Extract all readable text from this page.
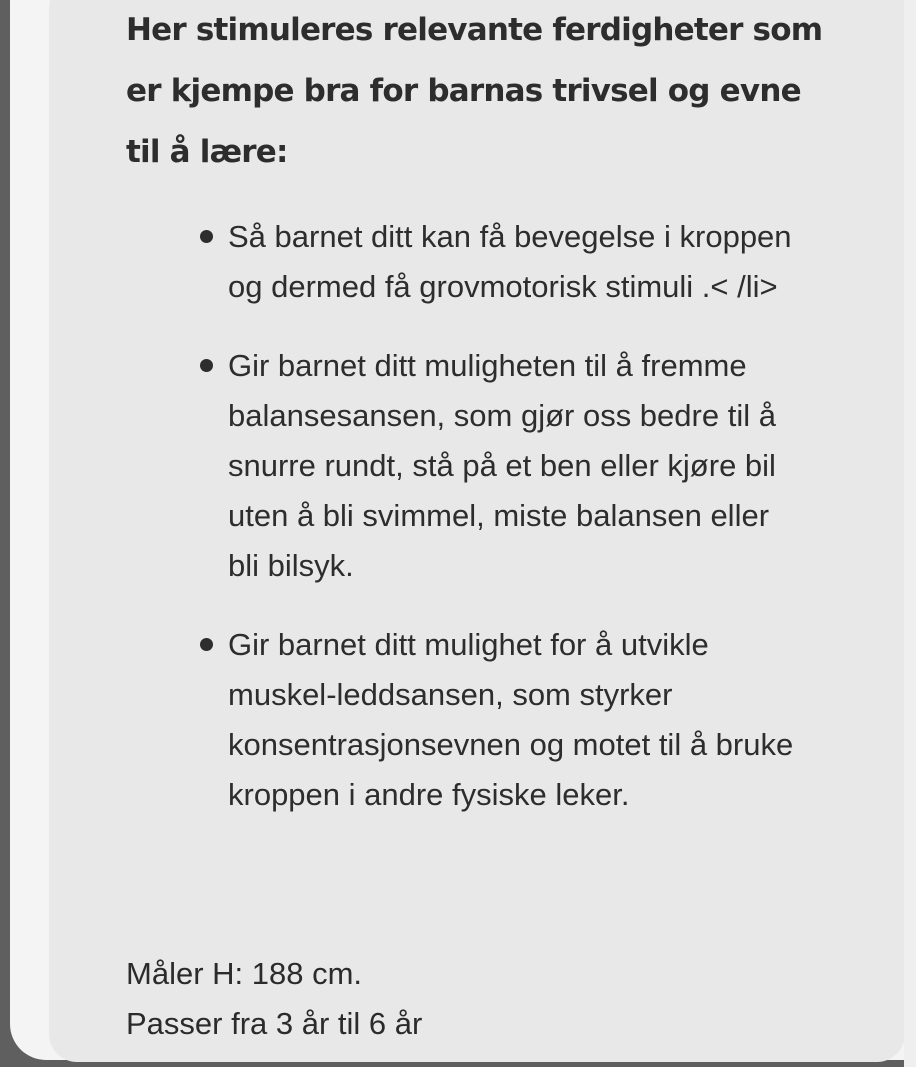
Her stimuleres relevante ferdigheter som er kjempe bra for barnas trivsel og evne til å lære:
Så barnet ditt kan få bevegelse i kroppen og dermed få grovmotorisk stimuli .< /li>
Gir barnet ditt muligheten til å fremme balansesansen, som gjør oss bedre til å snurre rundt, stå på et ben eller kjøre bil uten å bli svimmel, miste balansen eller bli bilsyk.
Gir barnet ditt mulighet for å utvikle muskel-leddsansen, som styrker konsentrasjonsevnen og motet til å bruke kroppen i andre fysiske leker.
Måler H: 188 cm.
Passer fra 3 år til 6 år
